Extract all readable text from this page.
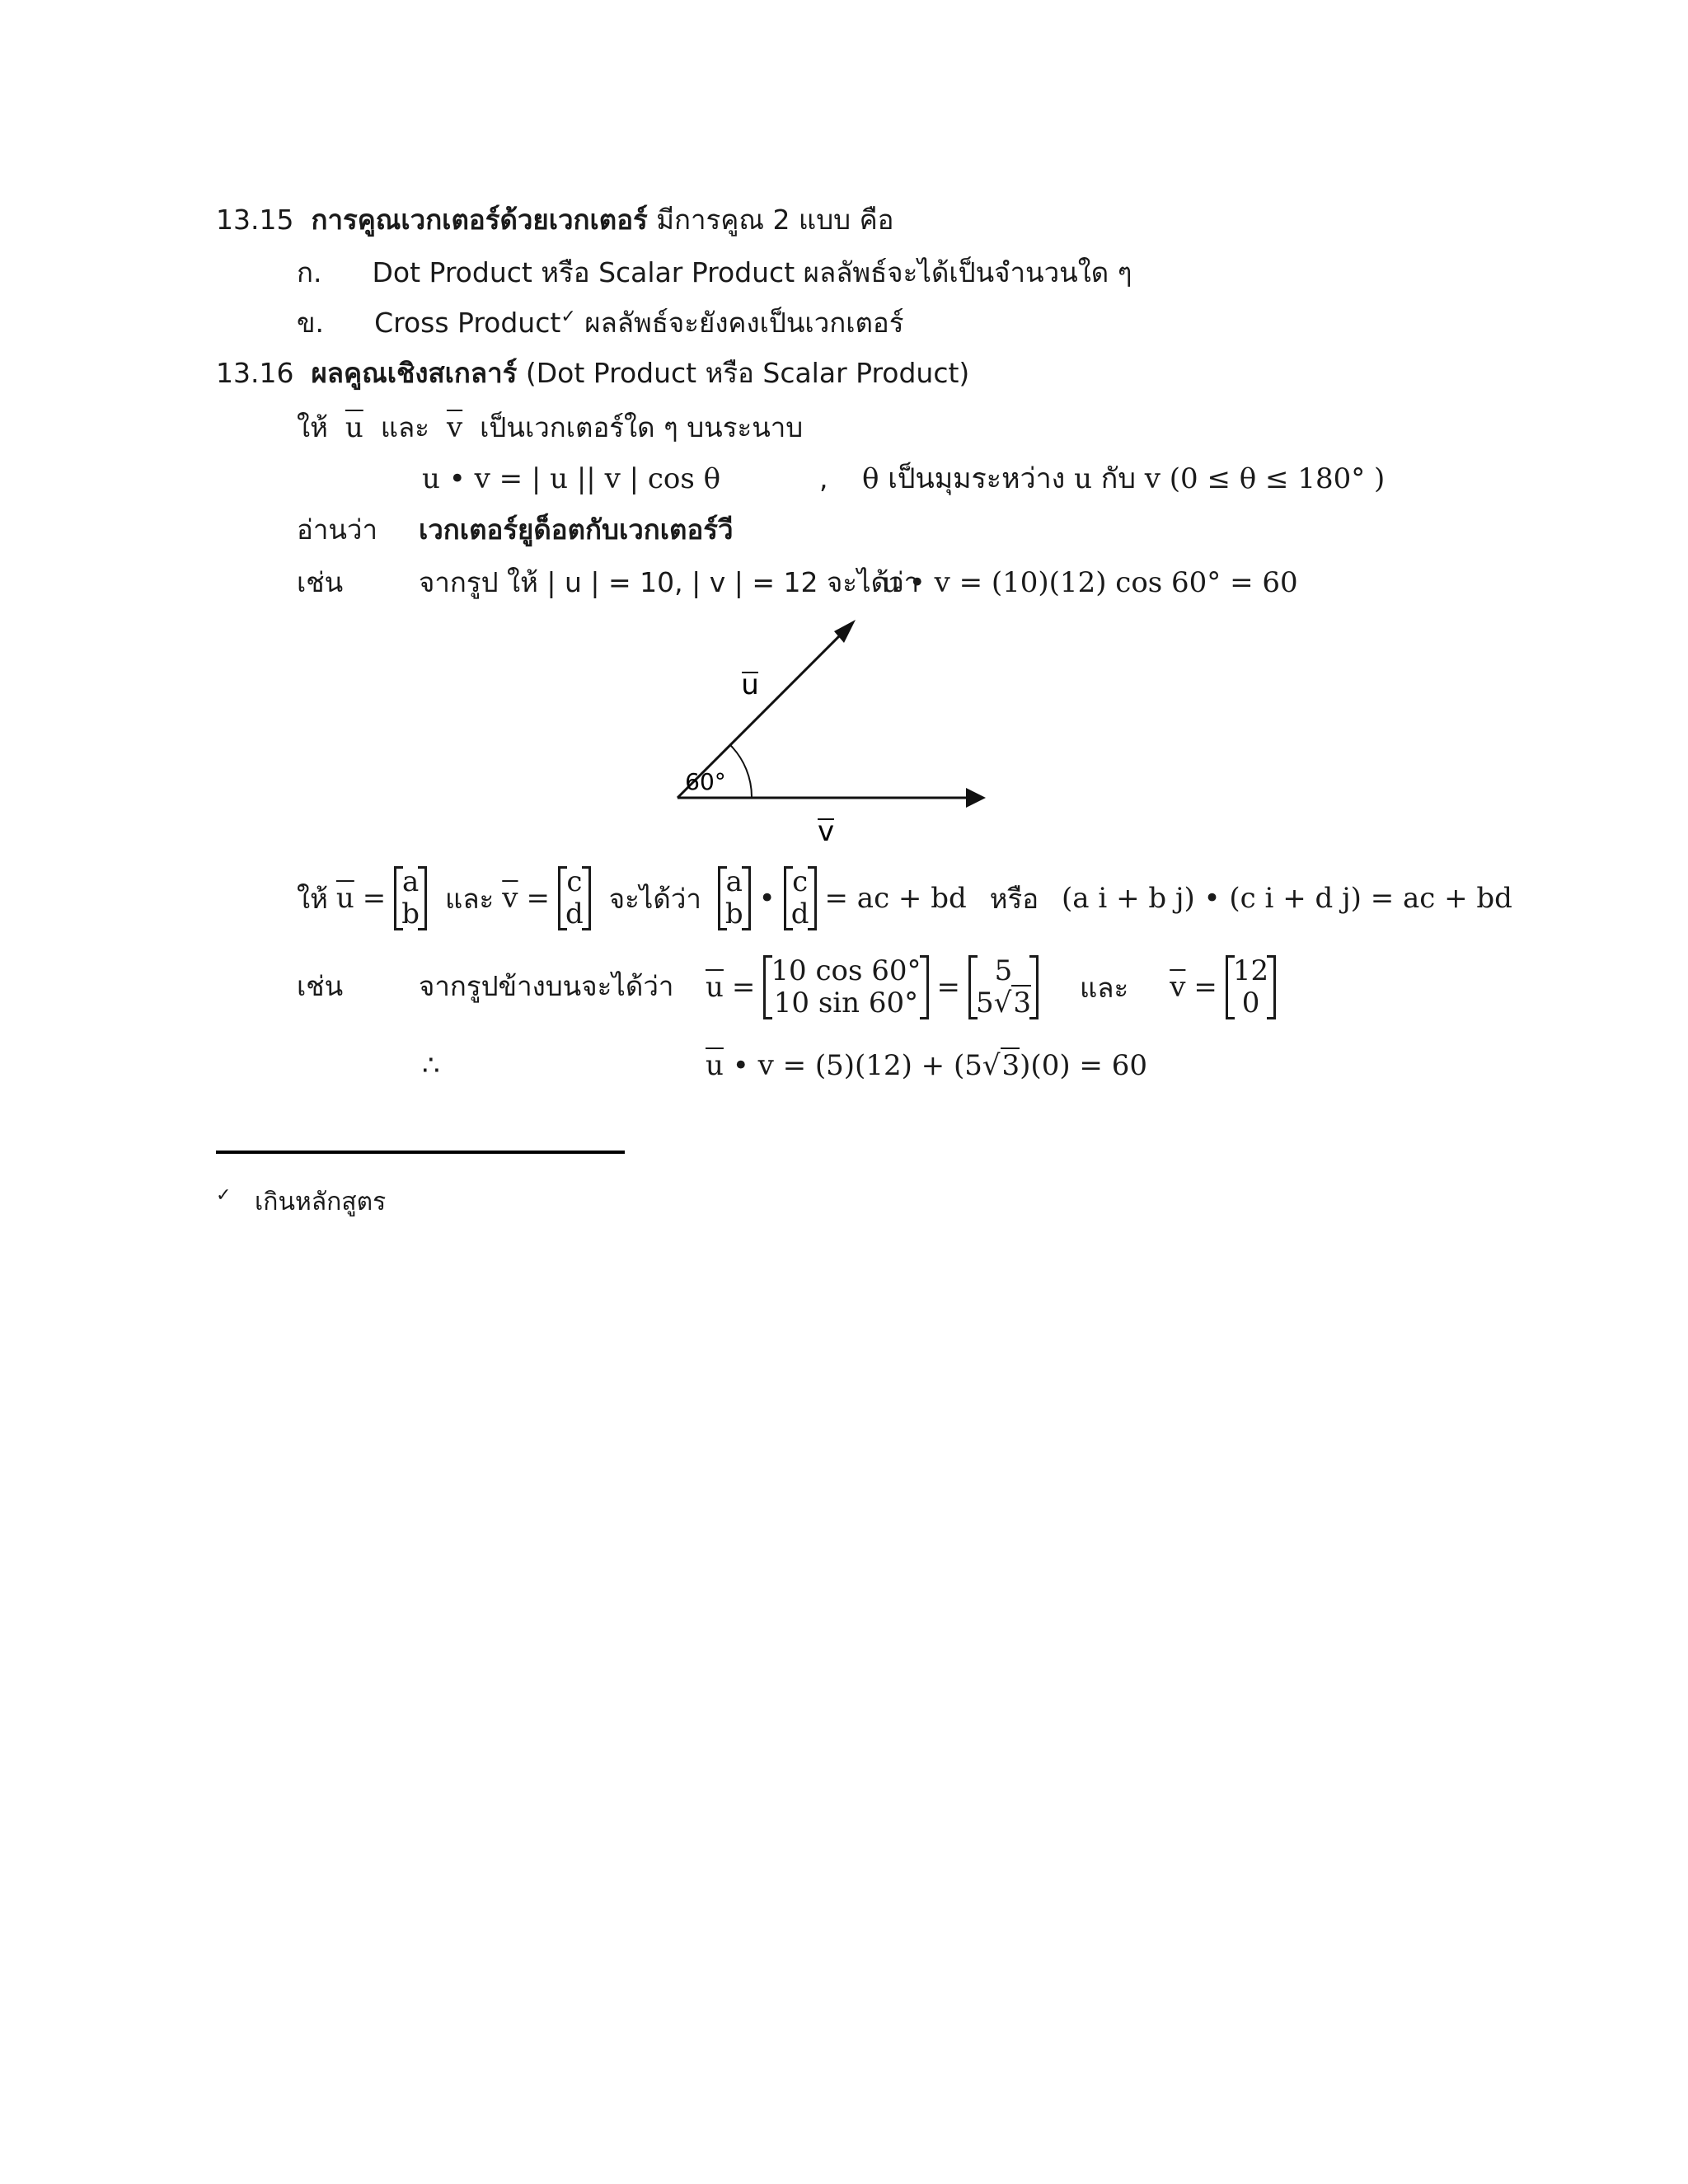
13.15 การคูณเวกเตอร์ด้วยเวกเตอร์ มีการคูณ 2 แบบ คือ
ก. Dot Product หรือ Scalar Product ผลลัพธ์จะได้เป็นจำนวนใด ๆ
ข. Cross Product✓ ผลลัพธ์จะยังคงเป็นเวกเตอร์
13.16 ผลคูณเชิงสเกลาร์ (Dot Product หรือ Scalar Product)
ให้ $\overline{u}$ และ $\overline{v}$ เป็นเวกเตอร์ใด ๆ บนระนาบ
u • v = | u || v | cos θ	, θ เป็นมุมระหว่าง u กับ v (0 ≤ θ ≤ 180° )
อ่านว่า เวกเตอร์ยูด็อตกับเวกเตอร์วี
เช่น	จากรูป ให้ | u | = 10, | v | = 12 จะได้ว่า
u • v = (10)(12) cos 60° = 60
u
v
60°
ให้ $\overline{u}$ =
a
b และ $\overline{v}$ =
c
d จะได้ว่า
a
b •
c
d = ac + bd หรือ (a i + b j) • (c i + d j) = ac + bd
เช่น	จากรูปข้างบนจะได้ว่า $\overline{u}$ =
10 cos 60°
10 sin 60° =
5
5√3 และ $\overline{v}$ =
12
0
∴	$\overline{u}$ • v = (5)(12) + (5√3)(0) = 60
✓ เกินหลักสูตร
